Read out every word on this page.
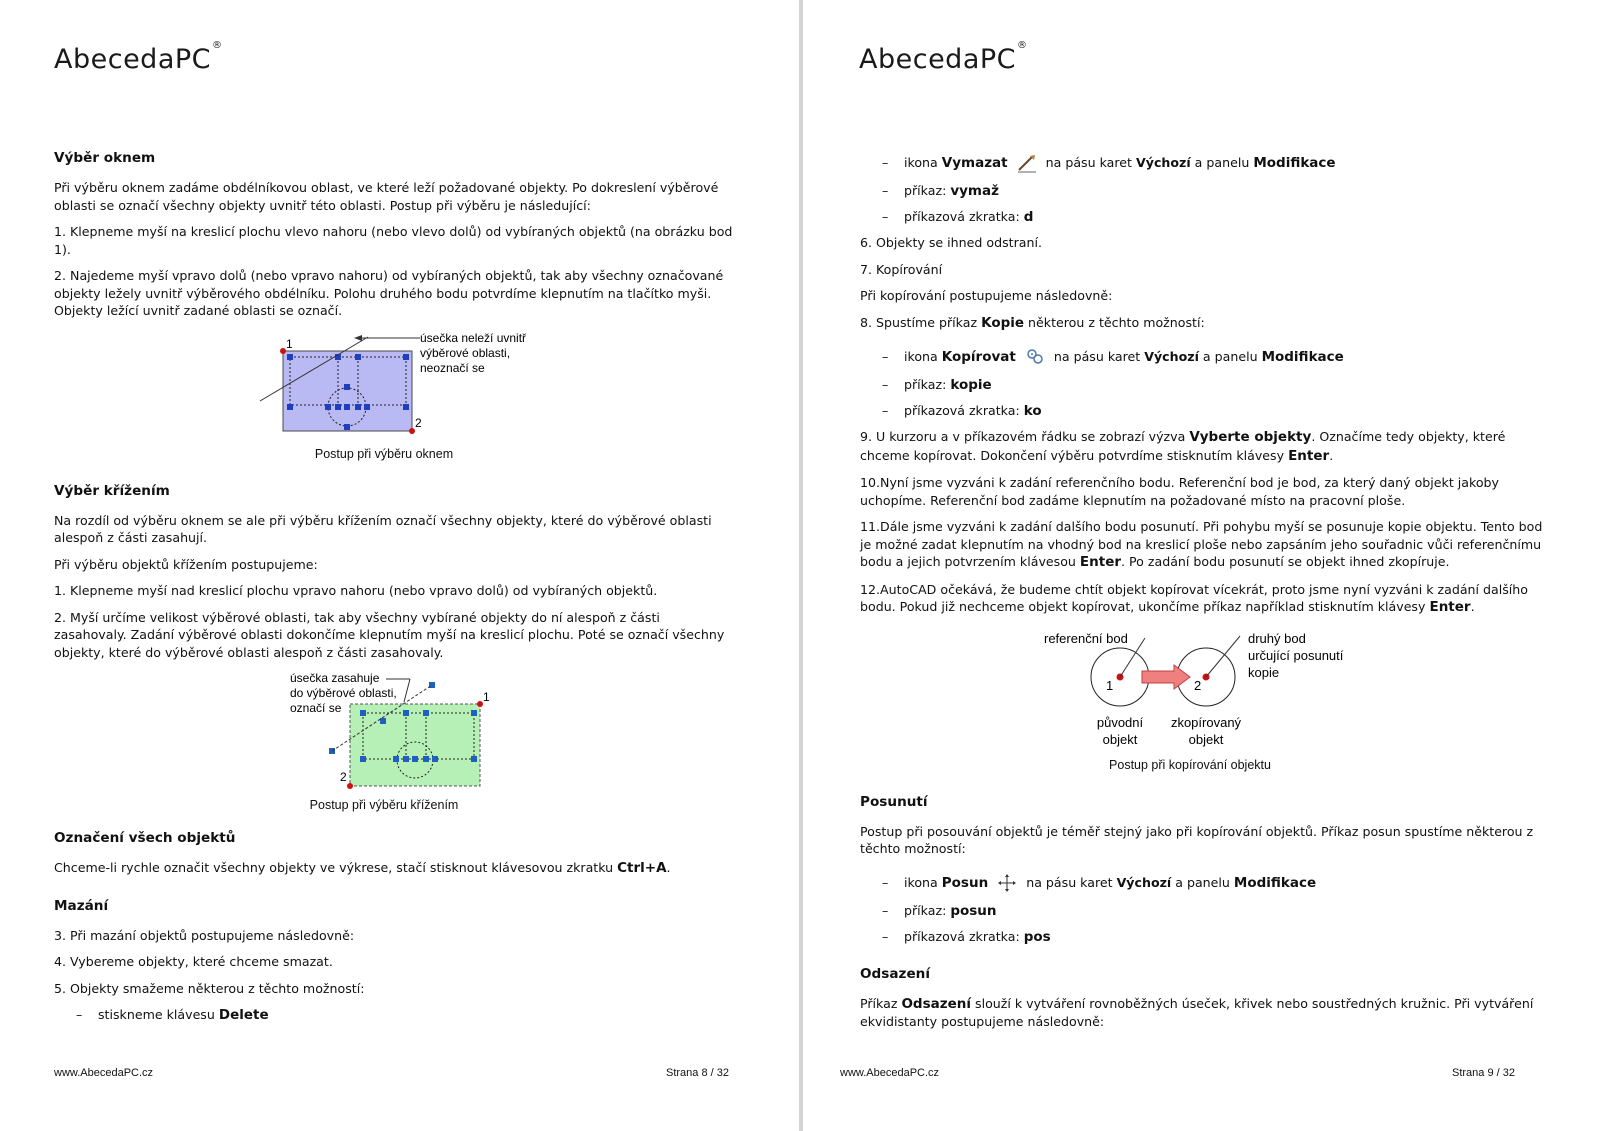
AbecedaPC®
Výběr oknem

Při výběru oknem zadáme obdélníkovou oblast, ve které leží požadované objekty. Po dokreslení výběrové oblasti se označí všechny objekty uvnitř této oblasti. Postup při výběru je následující:

1. Klepneme myší na kreslicí plochu vlevo nahoru (nebo vlevo dolů) od vybíraných objektů (na obrázku bod 1).

2. Najedeme myší vpravo dolů (nebo vpravo nahoru) od vybíraných objektů, tak aby všechny označované objekty ležely uvnitř výběrového obdélníku. Polohu druhého bodu potvrdíme klepnutím na tlačítko myši. Objekty ležící uvnitř zadané oblasti se označí.

1
2
úsečka neleží uvnitř
výběrové oblasti,
neoznačí se
Postup při výběru oknem
Výběr křížením

Na rozdíl od výběru oknem se ale při výběru křížením označí všechny objekty, které do výběrové oblasti alespoň z části zasahují.

Při výběru objektů křížením postupujeme:

1. Klepneme myší nad kreslicí plochu vpravo nahoru (nebo vpravo dolů) od vybíraných objektů.

2. Myší určíme velikost výběrové oblasti, tak aby všechny vybírané objekty do ní alespoň z části zasahovaly. Zadání výběrové oblasti dokončíme klepnutím myší na kreslicí plochu. Poté se označí všechny objekty, které do výběrové oblasti alespoň z části zasahovaly.

1
2
úsečka zasahuje
do výběrové oblasti,
označí se
Postup při výběru křížením
Označení všech objektů

Chceme-li rychle označit všechny objekty ve výkrese, stačí stisknout klávesovou zkratku Ctrl+A.

Mazání

3. Při mazání objektů postupujeme následovně:

4. Vybereme objekty, které chceme smazat.

5. Objekty smažeme některou z těchto možností:

– stiskneme klávesu Delete

www.AbecedaPC.cz	Strana 8 / 32
AbecedaPC®

– ikona Vymazat	na pásu karet Výchozí a panelu Modifikace

– příkaz: vymaž

– příkazová zkratka: d

6. Objekty se ihned odstraní.

7. Kopírování

Při kopírování postupujeme následovně:

8. Spustíme příkaz Kopie některou z těchto možností:

– ikona Kopírovat	na pásu karet Výchozí a panelu Modifikace

– příkaz: kopie

– příkazová zkratka: ko

9. U kurzoru a v příkazovém řádku se zobrazí výzva Vyberte objekty. Označíme tedy objekty, které chceme kopírovat. Dokončení výběru potvrdíme stisknutím klávesy Enter.

10.Nyní jsme vyzváni k zadání referenčního bodu. Referenční bod je bod, za který daný objekt jakoby uchopíme. Referenční bod zadáme klepnutím na požadované místo na pracovní ploše.

11.Dále jsme vyzváni k zadání dalšího bodu posunutí. Při pohybu myší se posunuje kopie objektu. Tento bod je možné zadat klepnutím na vhodný bod na kreslicí ploše nebo zapsáním jeho souřadnic vůči referenčnímu bodu a jejich potvrzením klávesou Enter. Po zadání bodu posunutí se objekt ihned zkopíruje.

12.AutoCAD očekává, že budeme chtít objekt kopírovat vícekrát, proto jsme nyní vyzváni k zadání dalšího bodu. Pokud již nechceme objekt kopírovat, ukončíme příkaz například stisknutím klávesy Enter.

referenční bod	druhý bod
určující posunutí
kopie
1	2
původní
objekt
zkopírovaný
objekt
Postup při kopírování objektu
Posunutí

Postup při posouvání objektů je téměř stejný jako při kopírování objektů. Příkaz posun spustíme některou z těchto možností:

– ikona Posun	na pásu karet Výchozí a panelu Modifikace

– příkaz: posun

– příkazová zkratka: pos

Odsazení

Příkaz Odsazení slouží k vytváření rovnoběžných úseček, křivek nebo soustředných kružnic. Při vytváření ekvidistanty postupujeme následovně:

www.AbecedaPC.cz	Strana 9 / 32
